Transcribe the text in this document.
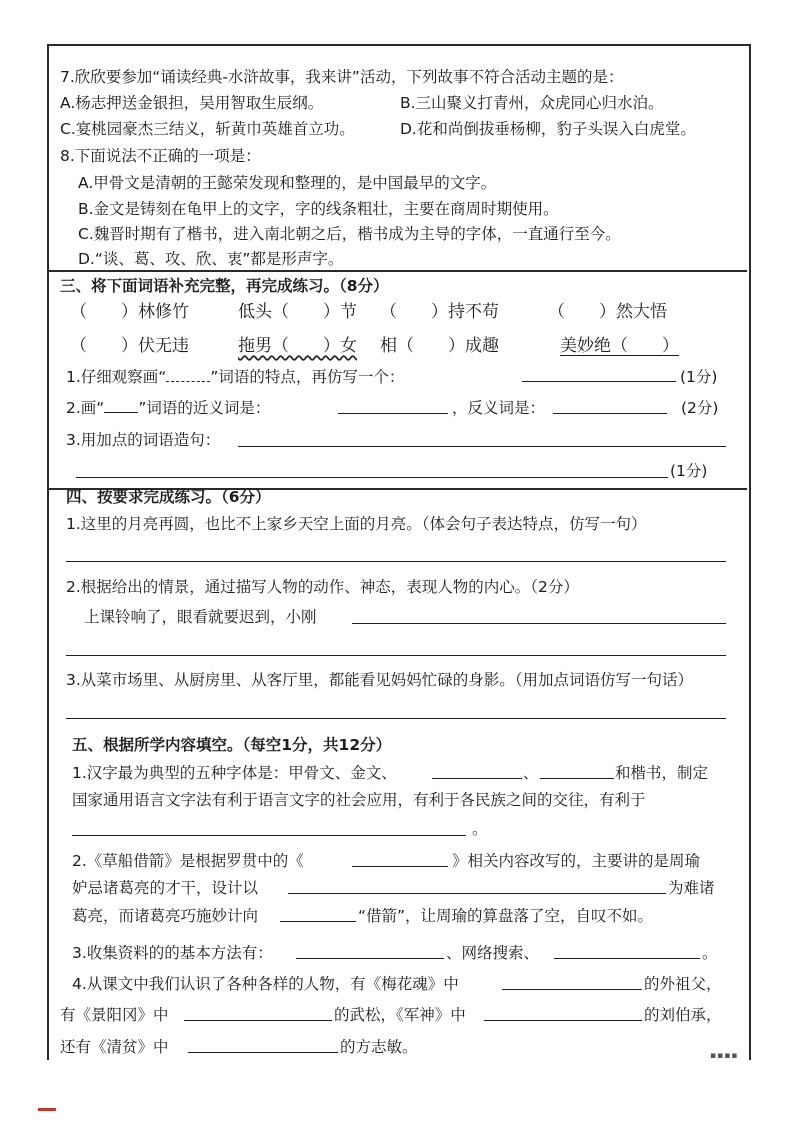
7.欣欣要参加“诵读经典-水浒故事，我来讲”活动，下列故事不符合活动主题的是：
A.杨志押送金银担，吴用智取生辰纲。	B.三山聚义打青州，众虎同心归水泊。
C.宴桃园豪杰三结义，斩黄巾英雄首立功。	D.花和尚倒拔垂杨柳，豹子头误入白虎堂。
8.下面说法不正确的一项是：
A.甲骨文是清朝的王懿荣发现和整理的，是中国最早的文字。
B.金文是铸刻在龟甲上的文字，字的线条粗壮，主要在商周时期使用。
C.魏晋时期有了楷书，进入南北朝之后，楷书成为主导的字体，一直通行至今。
D.“谈、葛、攻、欣、衷”都是形声字。
三、将下面词语补充完整，再完成练习。（8分）
（　　）林修竹	低头（　　）节 （　　）持不苟	（　　）然大悟
（　　）伏无违	拖男（　　）女 相（　　）成趣	美妙绝（　　）
1.仔细观察画“	”词语的特点，再仿写一个：	(1分)
2.画“ ”词语的近义词是：	，反义词是：	(2分)
3.用加点的词语造句：
(1分)
四、按要求完成练习。（6分）
1.这里的月亮再圆，也比不上家乡天空上面的月亮。（体会句子表达特点，仿写一句）
2.根据给出的情景，通过描写人物的动作、神态，表现人物的内心。（2分）
上课铃响了，眼看就要迟到，小刚
3.从菜市场里、从厨房里、从客厅里，都能看见妈妈忙碌的身影。（用加点词语仿写一句话）
五、根据所学内容填空。（每空1分，共12分）
1.汉字最为典型的五种字体是：甲骨文、金文、	、	和楷书，制定
国家通用语言文字法有利于语言文字的社会应用，有利于各民族之间的交往，有利于
。
2.《草船借箭》是根据罗贯中的《	》相关内容改写的，主要讲的是周瑜
妒忌诸葛亮的才干，设计以	为难诸
葛亮，而诸葛亮巧施妙计向	“借箭”，让周瑜的算盘落了空，自叹不如。
3.收集资料的的基本方法有：	、网络搜索、	。
4.从课文中我们认识了各种各样的人物，有《梅花魂》中	的外祖父，
有《景阳冈》中	的武松，《军神》中	的刘伯承，
还有《清贫》中	的方志敏。	▪▪▪▪
